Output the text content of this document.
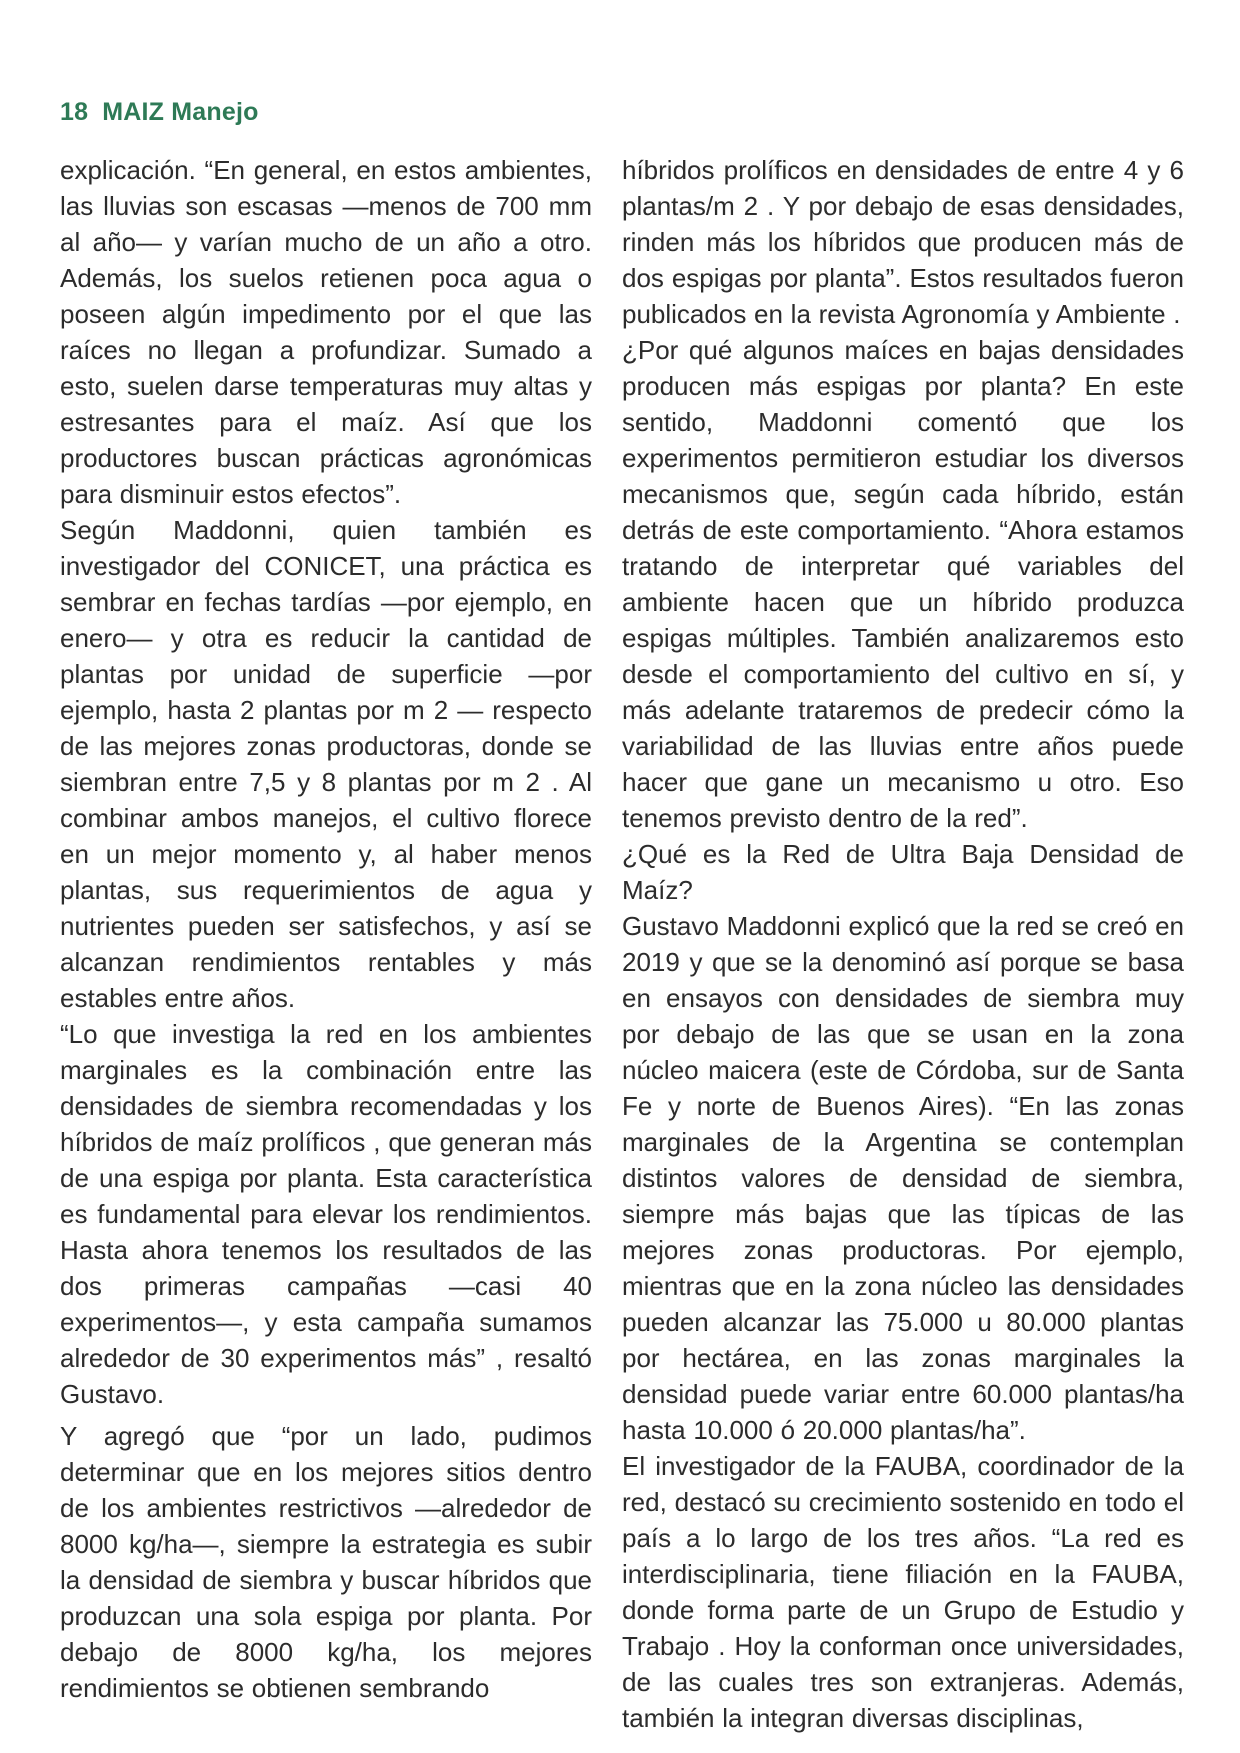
18 MAIZ Manejo

explicación. “En general, en estos ambientes, las lluvias son escasas —menos de 700 mm al año— y varían mucho de un año a otro. Además, los suelos retienen poca agua o poseen algún impedimento por el que las raíces no llegan a profundizar. Sumado a esto, suelen darse temperaturas muy altas y estresantes para el maíz. Así que los productores buscan prácticas agronómicas para disminuir estos efectos”.

Según Maddonni, quien también es investigador del CONICET, una práctica es sembrar en fechas tardías —por ejemplo, en enero— y otra es reducir la cantidad de plantas por unidad de superficie —por ejemplo, hasta 2 plantas por m 2 — respecto de las mejores zonas productoras, donde se siembran entre 7,5 y 8 plantas por m 2 . Al combinar ambos manejos, el cultivo florece en un mejor momento y, al haber menos plantas, sus requerimientos de agua y nutrientes pueden ser satisfechos, y así se alcanzan rendimientos rentables y más estables entre años.

“Lo que investiga la red en los ambientes marginales es la combinación entre las densidades de siembra recomendadas y los híbridos de maíz prolíficos , que generan más de una espiga por planta. Esta característica es fundamental para elevar los rendimientos. Hasta ahora tenemos los resultados de las dos primeras campañas —casi 40 experimentos—, y esta campaña sumamos alrededor de 30 experimentos más” , resaltó Gustavo.

Y agregó que “por un lado, pudimos determinar que en los mejores sitios dentro de los ambientes restrictivos —alrededor de 8000 kg/ha—, siempre la estrategia es subir la densidad de siembra y buscar híbridos que produzcan una sola espiga por planta. Por debajo de 8000 kg/ha, los mejores rendimientos se obtienen sembrando

híbridos prolíficos en densidades de entre 4 y 6 plantas/m 2 . Y por debajo de esas densidades, rinden más los híbridos que producen más de dos espigas por planta”. Estos resultados fueron publicados en la revista Agronomía y Ambiente .

¿Por qué algunos maíces en bajas densidades producen más espigas por planta? En este sentido, Maddonni comentó que los experimentos permitieron estudiar los diversos mecanismos que, según cada híbrido, están detrás de este comportamiento. “Ahora estamos tratando de interpretar qué variables del ambiente hacen que un híbrido produzca espigas múltiples. También analizaremos esto desde el comportamiento del cultivo en sí, y más adelante trataremos de predecir cómo la variabilidad de las lluvias entre años puede hacer que gane un mecanismo u otro. Eso tenemos previsto dentro de la red”.

¿Qué es la Red de Ultra Baja Densidad de Maíz?

Gustavo Maddonni explicó que la red se creó en 2019 y que se la denominó así porque se basa en ensayos con densidades de siembra muy por debajo de las que se usan en la zona núcleo maicera (este de Córdoba, sur de Santa Fe y norte de Buenos Aires). “En las zonas marginales de la Argentina se contemplan distintos valores de densidad de siembra, siempre más bajas que las típicas de las mejores zonas productoras. Por ejemplo, mientras que en la zona núcleo las densidades pueden alcanzar las 75.000 u 80.000 plantas por hectárea, en las zonas marginales la densidad puede variar entre 60.000 plantas/ha hasta 10.000 ó 20.000 plantas/ha”.

El investigador de la FAUBA, coordinador de la red, destacó su crecimiento sostenido en todo el país a lo largo de los tres años. “La red es interdisciplinaria, tiene filiación en la FAUBA, donde forma parte de un Grupo de Estudio y Trabajo . Hoy la conforman once universidades, de las cuales tres son extranjeras. Además, también la integran diversas disciplinas,
